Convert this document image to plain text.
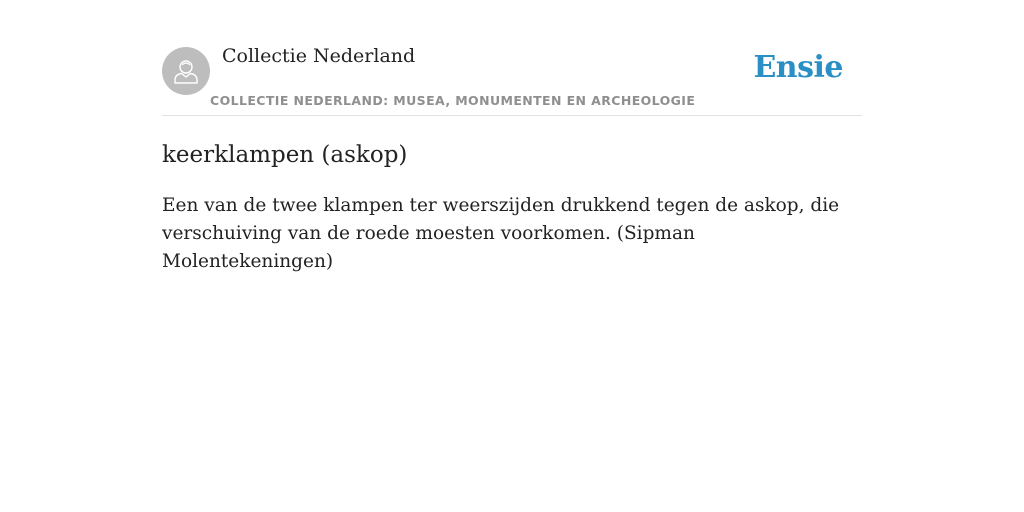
Collectie Nederland
COLLECTIE NEDERLAND: MUSEA, MONUMENTEN EN ARCHEOLOGIE
Ensie
keerklampen (askop)

Een van de twee klampen ter weerszijden drukkend tegen de askop, die verschuiving van de roede moesten voorkomen. (Sipman Molentekeningen)
